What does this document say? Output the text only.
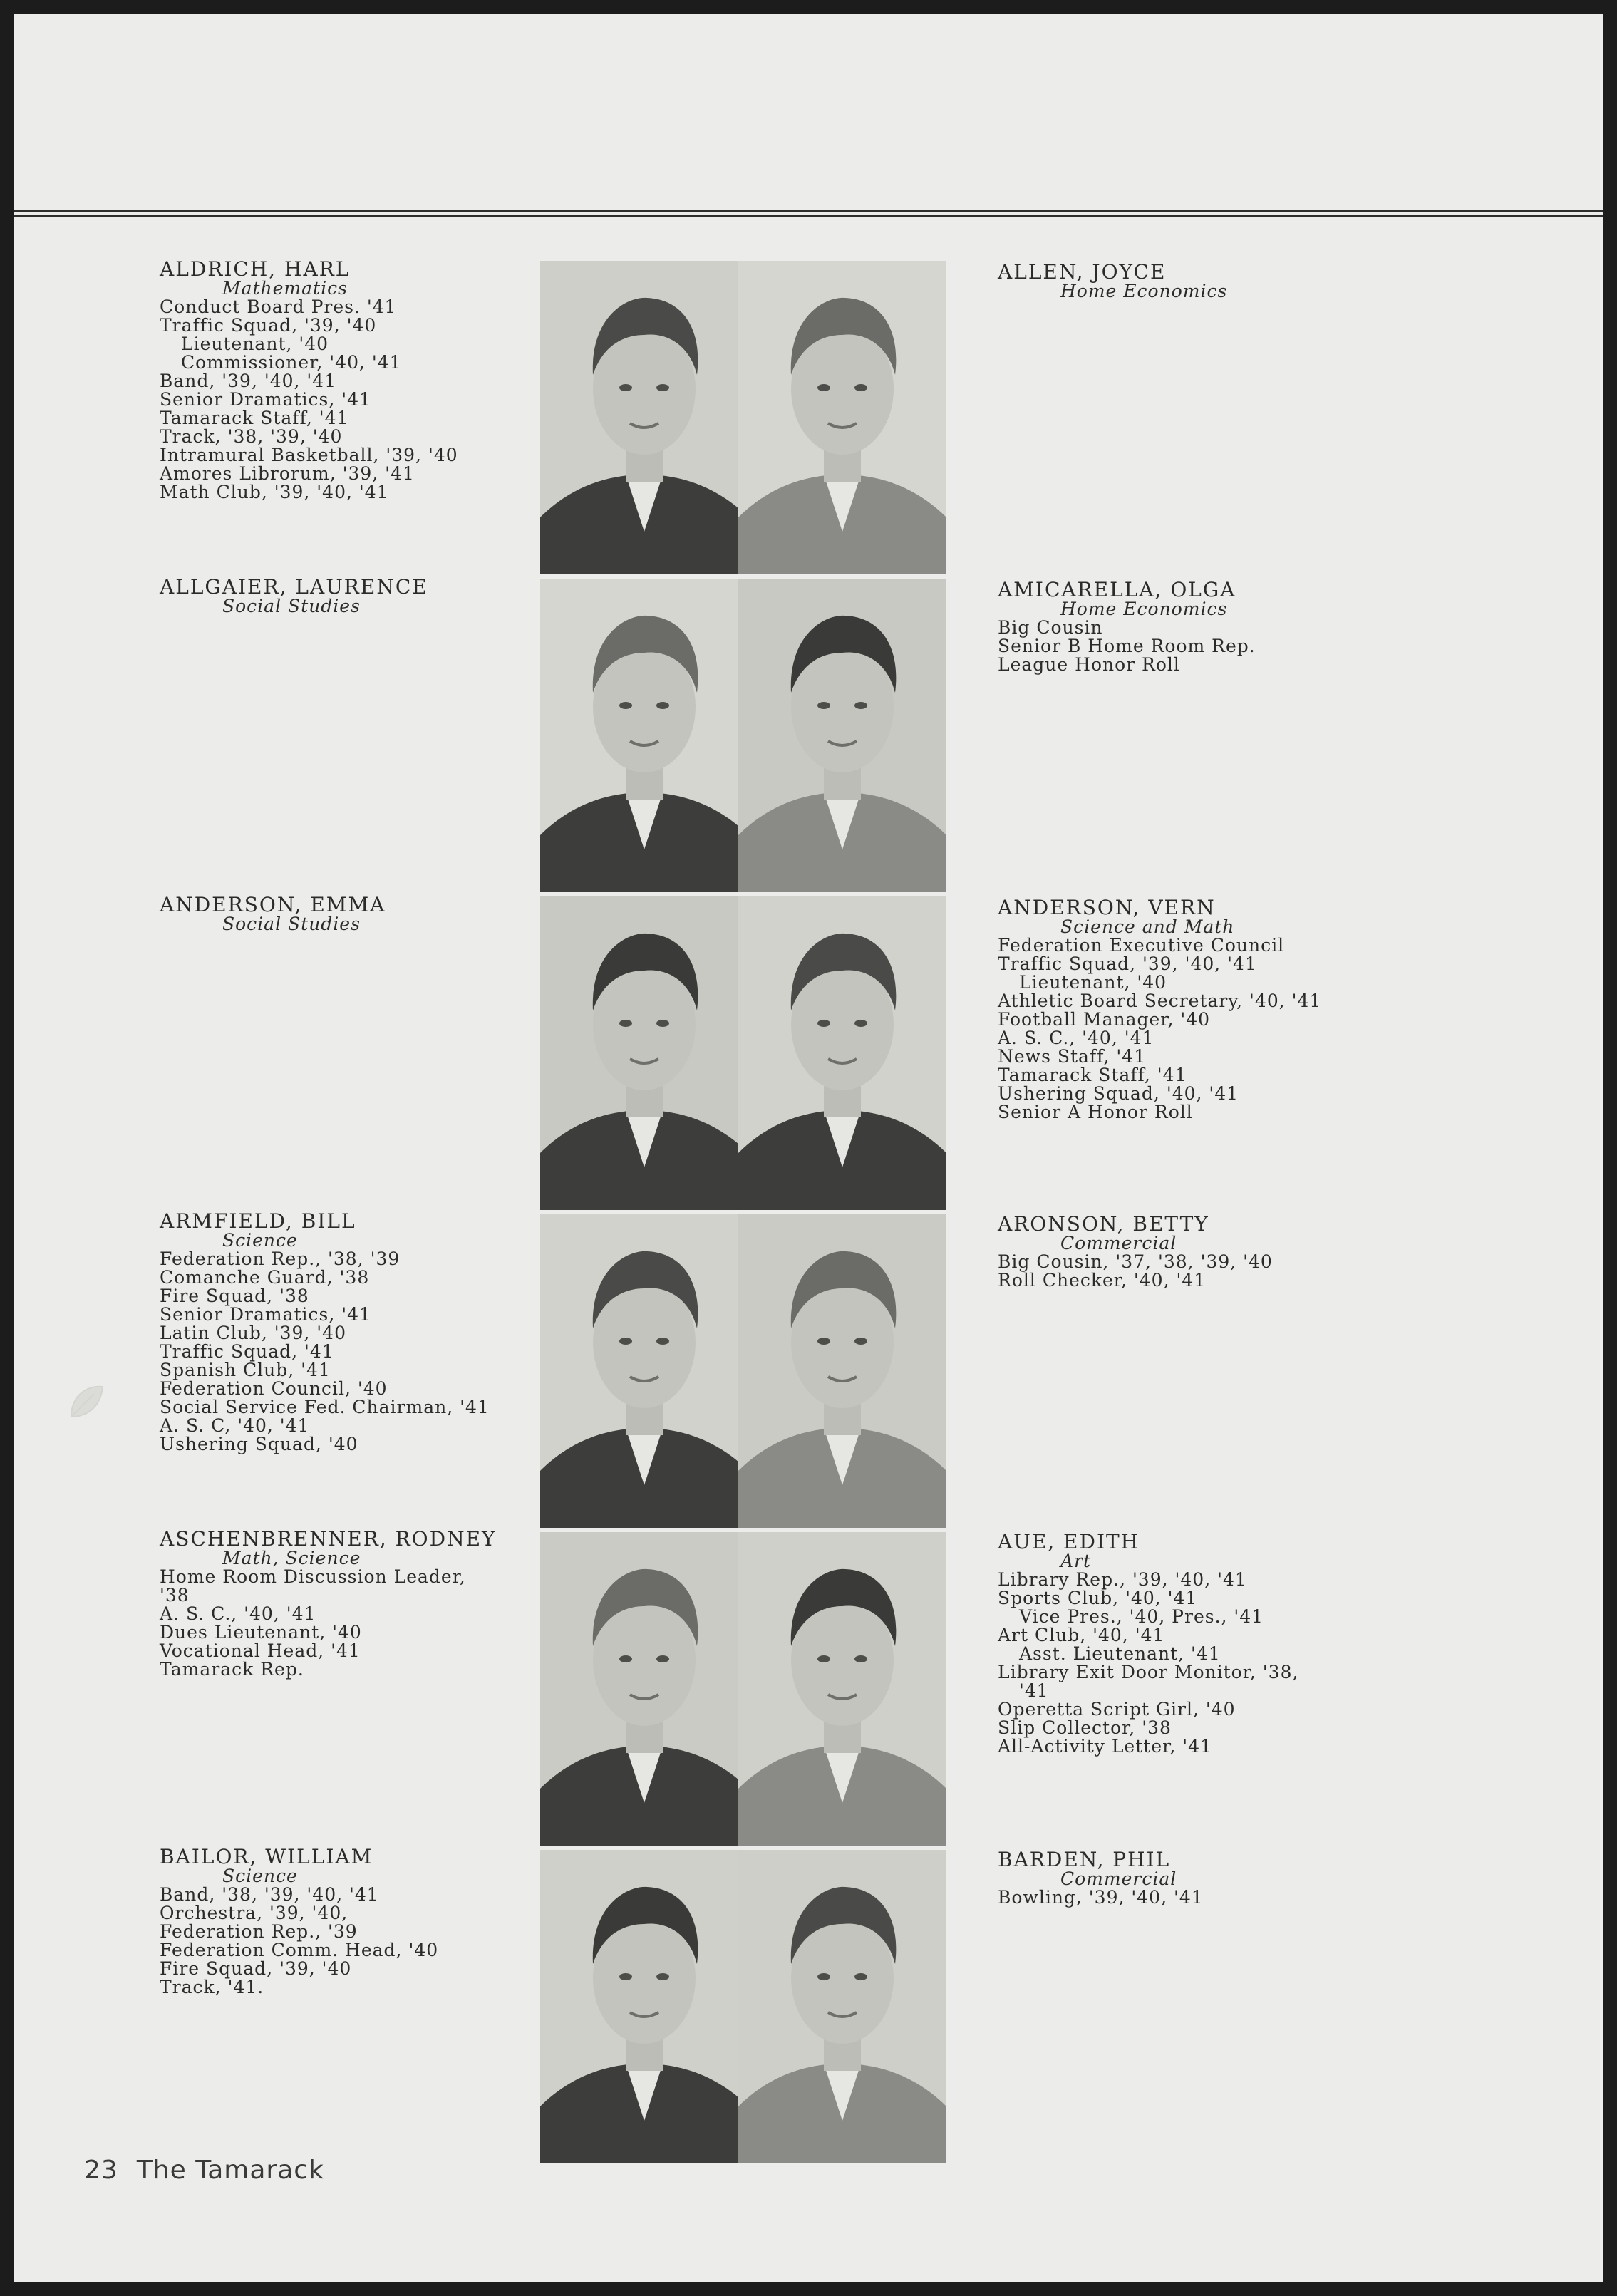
ALDRICH, HARL
Mathematics
Conduct Board Pres. '41
Traffic Squad, '39, '40
Lieutenant, '40
Commissioner, '40, '41
Band, '39, '40, '41
Senior Dramatics, '41
Tamarack Staff, '41
Track, '38, '39, '40
Intramural Basketball, '39, '40
Amores Librorum, '39, '41
Math Club, '39, '40, '41
ALLGAIER, LAURENCE
Social Studies
ANDERSON, EMMA
Social Studies
ARMFIELD, BILL
Science
Federation Rep., '38, '39
Comanche Guard, '38
Fire Squad, '38
Senior Dramatics, '41
Latin Club, '39, '40
Traffic Squad, '41
Spanish Club, '41
Federation Council, '40
Social Service Fed. Chairman, '41
A. S. C, '40, '41
Ushering Squad, '40
ASCHENBRENNER, RODNEY
Math, Science
Home Room Discussion Leader,
'38
A. S. C., '40, '41
Dues Lieutenant, '40
Vocational Head, '41
Tamarack Rep.
BAILOR, WILLIAM
Science
Band, '38, '39, '40, '41
Orchestra, '39, '40,
Federation Rep., '39
Federation Comm. Head, '40
Fire Squad, '39, '40
Track, '41.
ALLEN, JOYCE
Home Economics
AMICARELLA, OLGA
Home Economics
Big Cousin
Senior B Home Room Rep.
League Honor Roll
ANDERSON, VERN
Science and Math
Federation Executive Council
Traffic Squad, '39, '40, '41
Lieutenant, '40
Athletic Board Secretary, '40, '41
Football Manager, '40
A. S. C., '40, '41
News Staff, '41
Tamarack Staff, '41
Ushering Squad, '40, '41
Senior A Honor Roll
ARONSON, BETTY
Commercial
Big Cousin, '37, '38, '39, '40
Roll Checker, '40, '41
AUE, EDITH
Art
Library Rep., '39, '40, '41
Sports Club, '40, '41
Vice Pres., '40, Pres., '41
Art Club, '40, '41
Asst. Lieutenant, '41
Library Exit Door Monitor, '38,
'41
Operetta Script Girl, '40
Slip Collector, '38
All-Activity Letter, '41
BARDEN, PHIL
Commercial
Bowling, '39, '40, '41
23 The Tamarack
